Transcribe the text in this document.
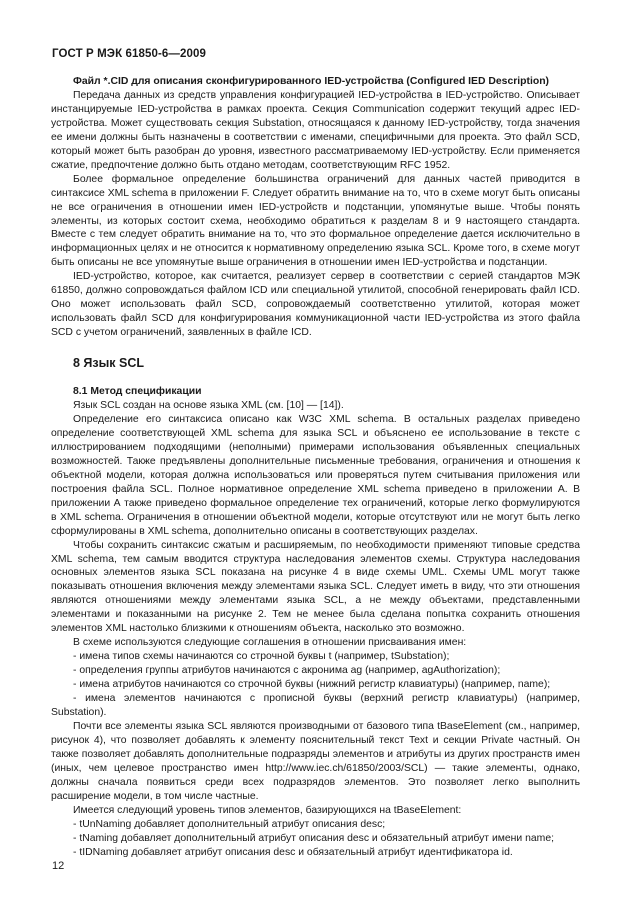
ГОСТ Р МЭК 61850-6—2009

Файл *.CID для описания сконфигурированного IED-устройства (Configured IED Description)

Передача данных из средств управления конфигурацией IED-устройства в IED-устройство. Описывает инстанцируемые IED-устройства в рамках проекта. Секция Communication содержит текущий адрес IED-устройства. Может существовать секция Substation, относящаяся к данному IED-устройству, тогда значения ее имени должны быть назначены в соответствии с именами, специфичными для проекта. Это файл SCD, который может быть разобран до уровня, известного рассматриваемому IED-устройству. Если применяется сжатие, предпочтение должно быть отдано методам, соответствующим RFC 1952.

Более формальное определение большинства ограничений для данных частей приводится в синтаксисе XML schema в приложении F. Следует обратить внимание на то, что в схеме могут быть описаны не все ограничения в отношении имен IED-устройств и подстанции, упомянутые выше. Чтобы понять элементы, из которых состоит схема, необходимо обратиться к разделам 8 и 9 настоящего стандарта. Вместе с тем следует обратить внимание на то, что это формальное определение дается исключительно в информационных целях и не относится к нормативному определению языка SCL. Кроме того, в схеме могут быть описаны не все упомянутые выше ограничения в отношении имен IED-устройства и подстанции.

IED-устройство, которое, как считается, реализует сервер в соответствии с серией стандартов МЭК 61850, должно сопровождаться файлом ICD или специальной утилитой, способной генерировать файл ICD. Оно может использовать файл SCD, сопровождаемый соответственно утилитой, которая может использовать файл SCD для конфигурирования коммуникационной части IED-устройства из этого файла SCD с учетом ограничений, заявленных в файле ICD.

8 Язык SCL

8.1 Метод спецификации

Язык SCL создан на основе языка XML (см. [10] — [14]).

Определение его синтаксиса описано как W3C XML schema. В остальных разделах приведено определение соответствующей XML schema для языка SCL и объяснено ее использование в тексте с иллюстрированием подходящими (неполными) примерами использования объявленных специальных возможностей. Также предъявлены дополнительные письменные требования, ограничения и отношения к объектной модели, которая должна использоваться или проверяться путем считывания приложения или построения файла SCL. Полное нормативное определение XML schema приведено в приложении А. В приложении А также приведено формальное определение тех ограничений, которые легко формулируются в XML schema. Ограничения в отношении объектной модели, которые отсутствуют или не могут быть легко сформулированы в XML schema, дополнительно описаны в соответствующих разделах.

Чтобы сохранить синтаксис сжатым и расширяемым, по необходимости применяют типовые средства XML schema, тем самым вводится структура наследования элементов схемы. Структура наследования основных элементов языка SCL показана на рисунке 4 в виде схемы UML. Схемы UML могут также показывать отношения включения между элементами языка SCL. Следует иметь в виду, что эти отношения являются отношениями между элементами языка SCL, а не между объектами, представленными элементами и показанными на рисунке 2. Тем не менее была сделана попытка сохранить отношения элементов XML настолько близкими к отношениям объекта, насколько это возможно.

В схеме используются следующие соглашения в отношении присваивания имен:

- имена типов схемы начинаются со строчной буквы t (например, tSubstation);

- определения группы атрибутов начинаются с акронима ag (например, agAuthorization);

- имена атрибутов начинаются со строчной буквы (нижний регистр клавиатуры) (например, name);

- имена элементов начинаются с прописной буквы (верхний регистр клавиатуры) (например, Substation).

Почти все элементы языка SCL являются производными от базового типа tBaseElement (см., например, рисунок 4), что позволяет добавлять к элементу пояснительный текст Text и секции Private частный. Он также позволяет добавлять дополнительные подразряды элементов и атрибуты из других пространств имен (иных, чем целевое пространство имен http://www.iec.ch/61850/2003/SCL) — такие элементы, однако, должны сначала появиться среди всех подразрядов элементов. Это позволяет легко выполнить расширение модели, в том числе частные.

Имеется следующий уровень типов элементов, базирующихся на tBaseElement:

- tUnNaming добавляет дополнительный атрибут описания desc;

- tNaming добавляет дополнительный атрибут описания desc и обязательный атрибут имени name;

- tIDNaming добавляет атрибут описания desc и обязательный атрибут идентификатора id.

12
